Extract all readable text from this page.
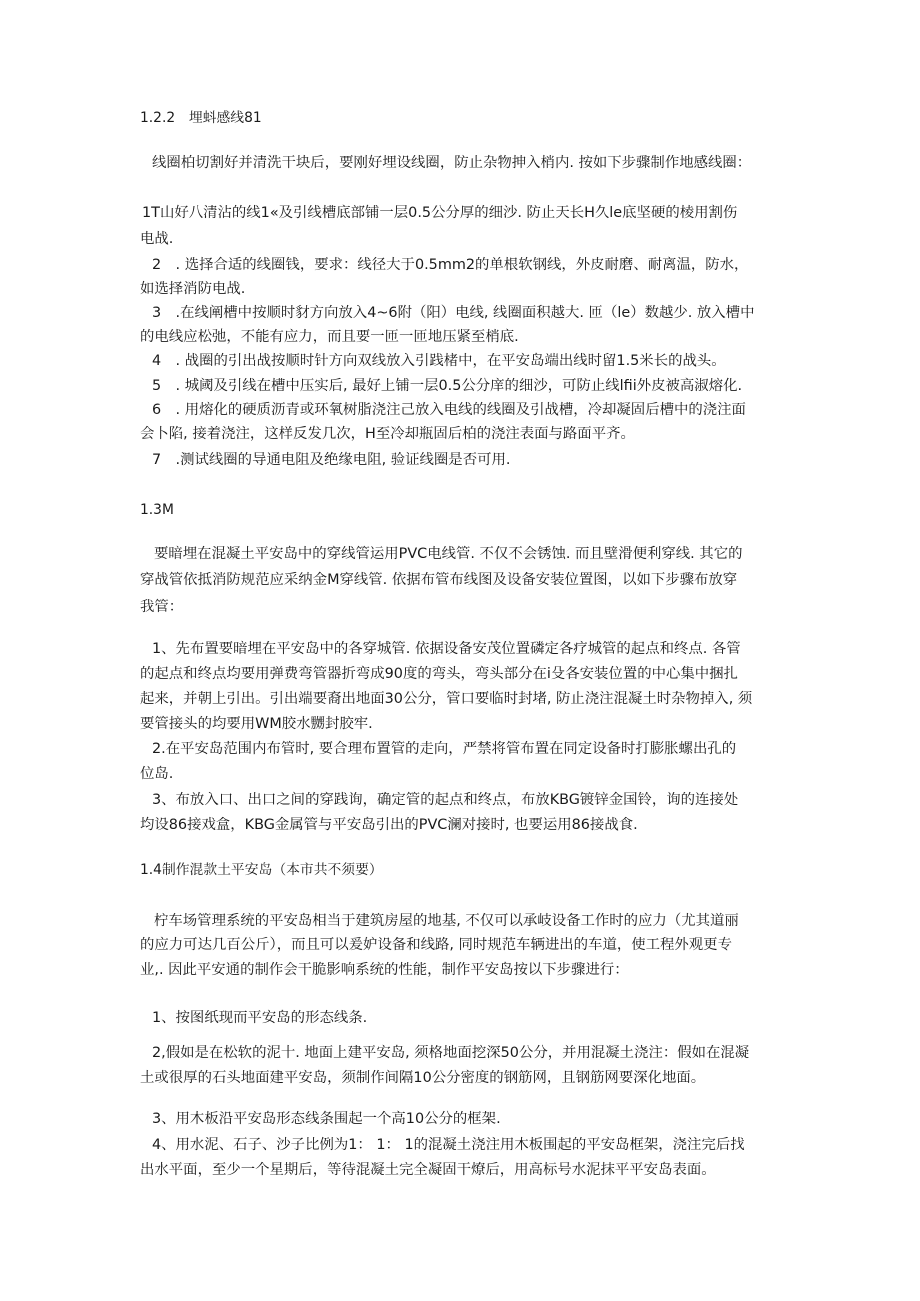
1.2.2　埋蚪感线81

线圈柏切割好并清洗干块后，要刚好埋设线圈，防止杂物抻入梢内. 按如下步骤制作地感线圈：

1T山好八清沾的线1«及引线槽底部铺一层0.5公分厚的细沙. 防止天长H久le底坚硬的棱用割伤

电战.

2　. 选择合适的线圈钱，要求：线径大于0.5mm2的单根软钢线，外皮耐磨、耐离温，防水，

如选择消防电战.

3　.在线阐槽中按顺时豺方向放入4~6附（阳）电线, 线圈面积越大. 匝（le）数越少. 放入槽中

的电线应松弛，不能有应力，而且要一匝一匝地压紧至梢底.

4　. 战圈的引出战按顺时针方向双线放入引践楮中，在平安岛端出线时留1.5米长的战头。

5　. 城阈及引线在槽中压实后, 最好上铺一层0.5公分庠的细沙，可防止线lfii外皮被高淑熔化.

6　. 用熔化的硬质沥青或环氧树脂浇注己放入电线的线圈及引战槽，冷却凝固后槽中的浇注面

会卜陷, 接着浇注，这样反发几次，H至冷却瓶固后柏的浇注表面与路面平齐。

7　.测试线圈的导通电阻及绝缘电阻, 验证线圈是否可用.

1.3M

要暗埋在混凝土平安岛中的穿线管运用PVC电线管. 不仅不会锈蚀. 而且壁滑便利穿线. 其它的

穿战管依抵消防规范应采纳金M穿线管. 依据布管布线图及设备安装位置图，以如下步骤布放穿

我管：

1、先布置要暗埋在平安岛中的各穿城管. 依据设备安茂位置磷定各疗城管的起点和终点. 各管

的起点和终点均要用弹费弯管器折弯成90度的弯头，弯头部分在i殳各安装位置的中心集中捆扎

起来，并朝上引出。引出端要裔出地面30公分，管口要临时封堵, 防止浇注混凝土时杂物掉入, 须

要管接头的均要用WM胶水嬲封胶牢.

2.在平安岛范围内布管时, 要合理布置管的走向，严禁将管布置在同定设备时打膨胀螺出孔的

位岛.

3、布放入口、出口之间的穿践询，确定管的起点和终点，布放KBG镀锌金国铃，询的连接处

均设86接戏盒，KBG金属管与平安岛引出的PVC澜对接时, 也要运用86接战食.

1.4制作混款土平安岛（本市共不须要）

柠车场管理系统的平安岛相当于建筑房屋的地基, 不仅可以承岐设备工作时的应力（尤其道丽

的应力可达几百公斤），而且可以爰妒设备和线路, 同时规范车辆进出的车道，使工程外观更专

业,. 因此平安通的制作会干脆影响系统的性能，制作平安岛按以下步骤进行：

1、按图纸现而平安岛的形态线条.

2,假如是在松软的泥十. 地面上建平安岛, 须格地面挖深50公分，并用混凝土浇注：假如在混凝

土或很厚的石头地面建平安岛，须制作间隔10公分密度的钢筋网，且钢筋网要深化地面。

3、用木板沿平安岛形态线条围起一个高10公分的框架.

4、用水泥、石子、沙子比例为1： 1： 1的混凝土浇注用木板围起的平安岛框架，浇注完后找

出水平面，至少一个星期后，等待混凝土完全凝固干燎后，用高标号水泥抹平平安岛表面。
